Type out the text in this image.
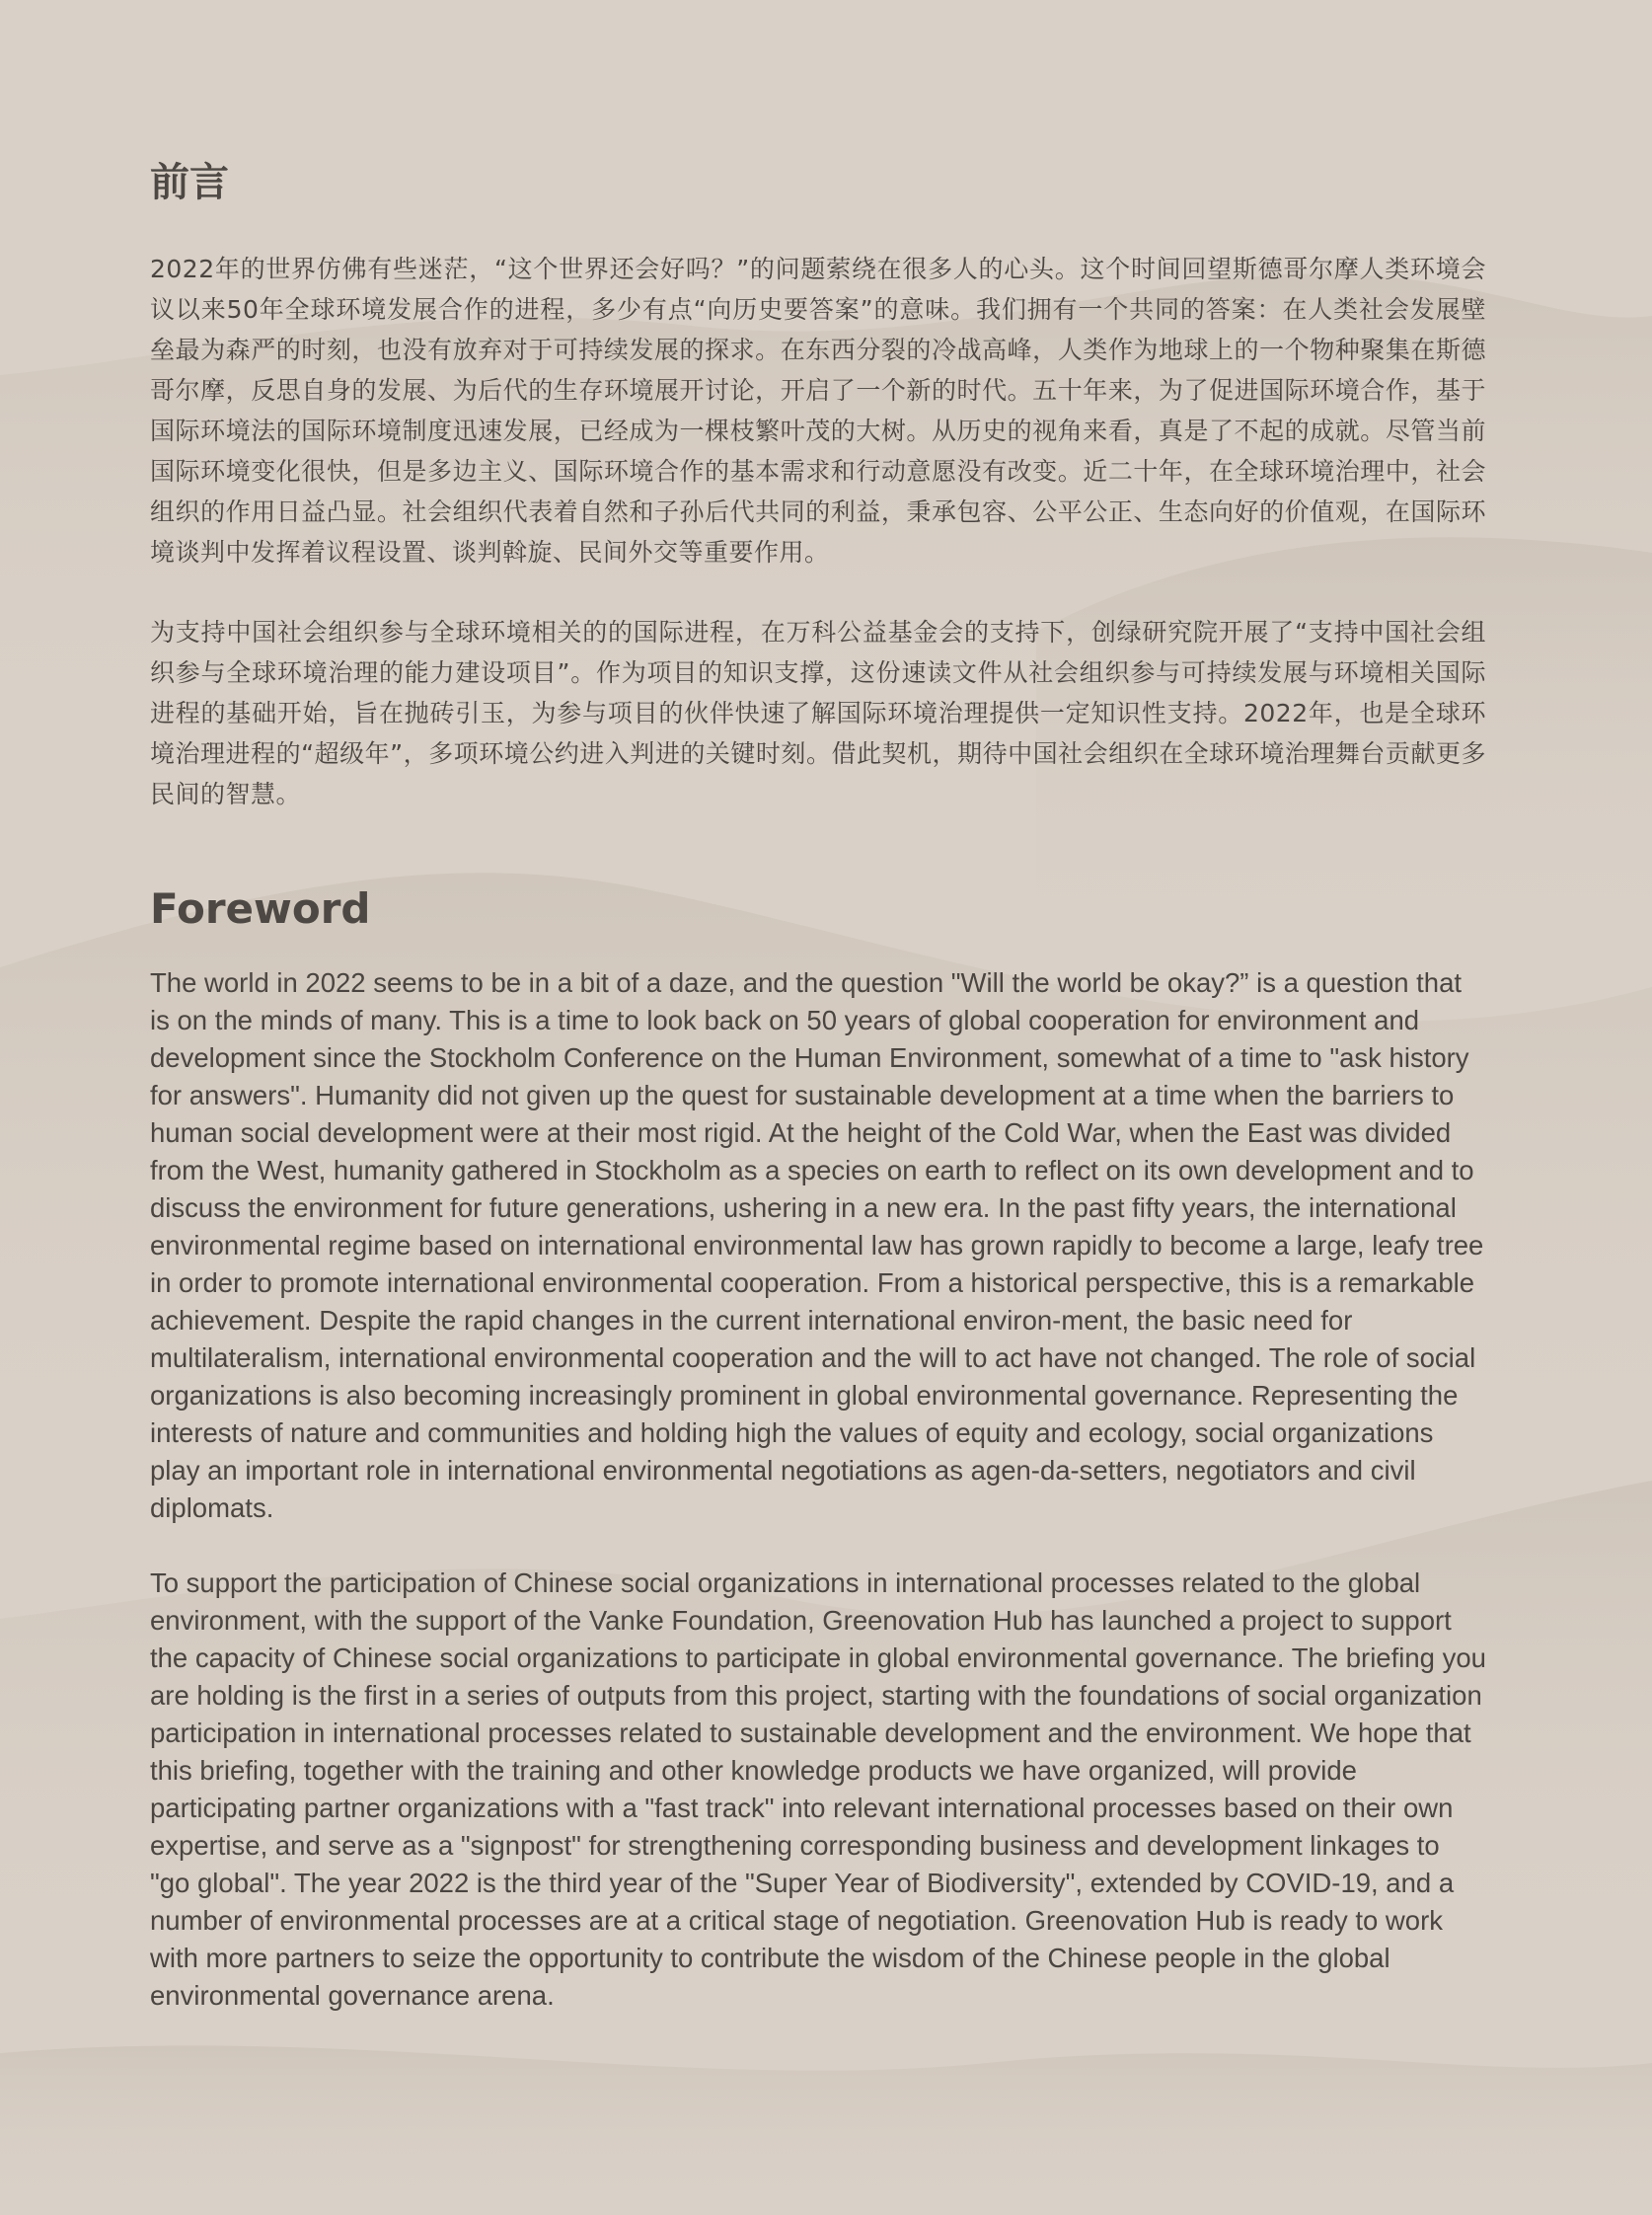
前言

2022年的世界仿佛有些迷茫，“这个世界还会好吗？”的问题萦绕在很多人的心头。这个时间回望斯德哥尔摩人类环境会议以来50年全球环境发展合作的进程，多少有点“向历史要答案”的意味。我们拥有一个共同的答案：在人类社会发展壁垒最为森严的时刻，也没有放弃对于可持续发展的探求。在东西分裂的冷战高峰，人类作为地球上的一个物种聚集在斯德哥尔摩，反思自身的发展、为后代的生存环境展开讨论，开启了一个新的时代。五十年来，为了促进国际环境合作，基于国际环境法的国际环境制度迅速发展，已经成为一棵枝繁叶茂的大树。从历史的视角来看，真是了不起的成就。尽管当前国际环境变化很快，但是多边主义、国际环境合作的基本需求和行动意愿没有改变。近二十年，在全球环境治理中，社会组织的作用日益凸显。社会组织代表着自然和子孙后代共同的利益，秉承包容、公平公正、生态向好的价值观，在国际环境谈判中发挥着议程设置、谈判斡旋、民间外交等重要作用。

为支持中国社会组织参与全球环境相关的的国际进程，在万科公益基金会的支持下，创绿研究院开展了“支持中国社会组织参与全球环境治理的能力建设项目”。作为项目的知识支撑，这份速读文件从社会组织参与可持续发展与环境相关国际进程的基础开始，旨在抛砖引玉，为参与项目的伙伴快速了解国际环境治理提供一定知识性支持。2022年，也是全球环境治理进程的“超级年”，多项环境公约进入判进的关键时刻。借此契机，期待中国社会组织在全球环境治理舞台贡献更多民间的智慧。

Foreword

The world in 2022 seems to be in a bit of a daze, and the question "Will the world be okay?” is a question that is on the minds of many. This is a time to look back on 50 years of global cooperation for environment and development since the Stockholm Conference on the Human Environment, somewhat of a time to "ask history for answers". Humanity did not given up the quest for sustainable development at a time when the barriers to human social development were at their most rigid. At the height of the Cold War, when the East was divided from the West, humanity gathered in Stockholm as a species on earth to reflect on its own development and to discuss the environment for future generations, ushering in a new era. In the past fifty years, the international environmental regime based on international environmental law has grown rapidly to become a large, leafy tree in order to promote international environmental cooperation. From a historical perspective, this is a remarkable achievement. Despite the rapid changes in the current international environ-ment, the basic need for multilateralism, international environmental cooperation and the will to act have not changed. The role of social organizations is also becoming increasingly prominent in global environmental governance. Representing the interests of nature and communities and holding high the values of equity and ecology, social organizations play an important role in international environmental negotiations as agen-da-setters, negotiators and civil diplomats.

To support the participation of Chinese social organizations in international processes related to the global environment, with the support of the Vanke Foundation, Greenovation Hub has launched a project to support the capacity of Chinese social organizations to participate in global environmental governance. The briefing you are holding is the first in a series of outputs from this project, starting with the foundations of social organization participation in international processes related to sustainable development and the environment. We hope that this briefing, together with the training and other knowledge products we have organized, will provide participating partner organizations with a "fast track" into relevant international processes based on their own expertise, and serve as a "signpost" for strengthening corresponding business and development linkages to "go global". The year 2022 is the third year of the "Super Year of Biodiversity", extended by COVID-19, and a number of environmental processes are at a critical stage of negotiation. Greenovation Hub is ready to work with more partners to seize the opportunity to contribute the wisdom of the Chinese people in the global environmental governance arena.
